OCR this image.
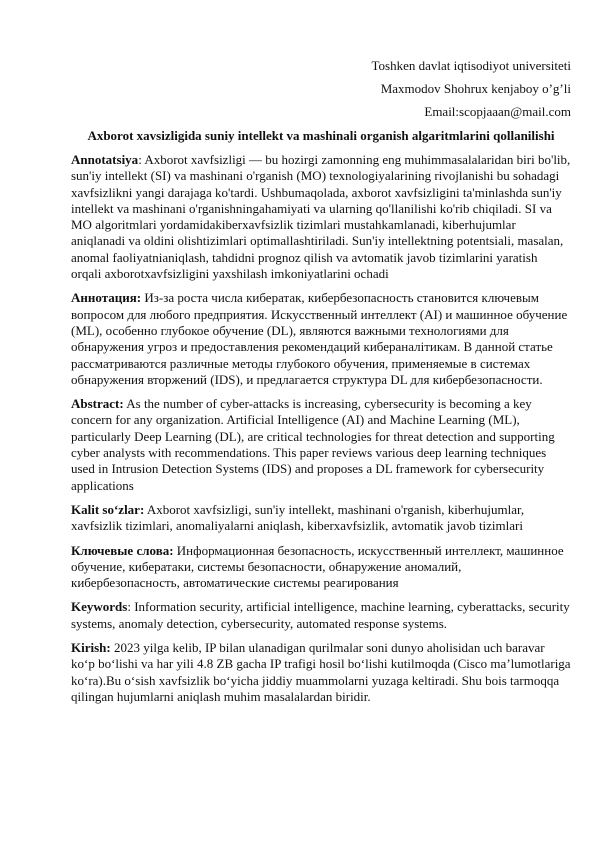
Toshken davlat iqtisodiyot universiteti
Maxmodov Shohrux kenjaboy o’g’li
Email:scopjaaan@mail.com
Axborot xavsizligida suniy intellekt va mashinali organish algaritmlarini qollanilishi

Annotatsiya: Axborot xavfsizligi — bu hozirgi zamonning eng muhimmasalalaridan biri bo'lib, sun'iy intellekt (SI) va mashinani o'rganish (MO) texnologiyalarining rivojlanishi bu sohadagi xavfsizlikni yangi darajaga ko'tardi. Ushbumaqolada, axborot xavfsizligini ta'minlashda sun'iy intellekt va mashinani o'rganishningahamiyati va ularning qo'llanilishi ko'rib chiqiladi. SI va MO algoritmlari yordamidakiberxavfsizlik tizimlari mustahkamlanadi, kiberhujumlar aniqlanadi va oldini olishtizimlari optimallashtiriladi. Sun'iy intellektning potentsiali, masalan, anomal faoliyatnianiqlash, tahdidni prognoz qilish va avtomatik javob tizimlarini yaratish orqali axborotxavfsizligini yaxshilash imkoniyatlarini ochadi

Аннотация: Из-за роста числа кибератак, кибербезопасность становится ключевым вопросом для любого предприятия. Искусственный интеллект (AI) и машинное обучение (ML), особенно глубокое обучение (DL), являются важными технологиями для обнаружения угроз и предоставления рекомендаций кибераналітикам. В данной статье рассматриваются различные методы глубокого обучения, применяемые в системах обнаружения вторжений (IDS), и предлагается структура DL для кибербезопасности.

Abstract: As the number of cyber-attacks is increasing, cybersecurity is becoming a key concern for any organization. Artificial Intelligence (AI) and Machine Learning (ML), particularly Deep Learning (DL), are critical technologies for threat detection and supporting cyber analysts with recommendations. This paper reviews various deep learning techniques used in Intrusion Detection Systems (IDS) and proposes a DL framework for cybersecurity applications

Kalit so‘zlar: Axborot xavfsizligi, sun'iy intellekt, mashinani o'rganish, kiberhujumlar, xavfsizlik tizimlari, anomaliyalarni aniqlash, kiberxavfsizlik, avtomatik javob tizimlari

Ключевые слова: Информационная безопасность, искусственный интеллект, машинное обучение, кибератаки, системы безопасности, обнаружение аномалий, кибербезопасность, автоматические системы реагирования

Keywords: Information security, artificial intelligence, machine learning, cyberattacks, security systems, anomaly detection, cybersecurity, automated response systems.

Kirish: 2023 yilga kelib, IP bilan ulanadigan qurilmalar soni dunyo aholisidan uch baravar ko‘p bo‘lishi va har yili 4.8 ZB gacha IP trafigi hosil bo‘lishi kutilmoqda (Cisco ma’lumotlariga ko‘ra).Bu o‘sish xavfsizlik bo‘yicha jiddiy muammolarni yuzaga keltiradi. Shu bois tarmoqqa qilingan hujumlarni aniqlash muhim masalalardan biridir.
